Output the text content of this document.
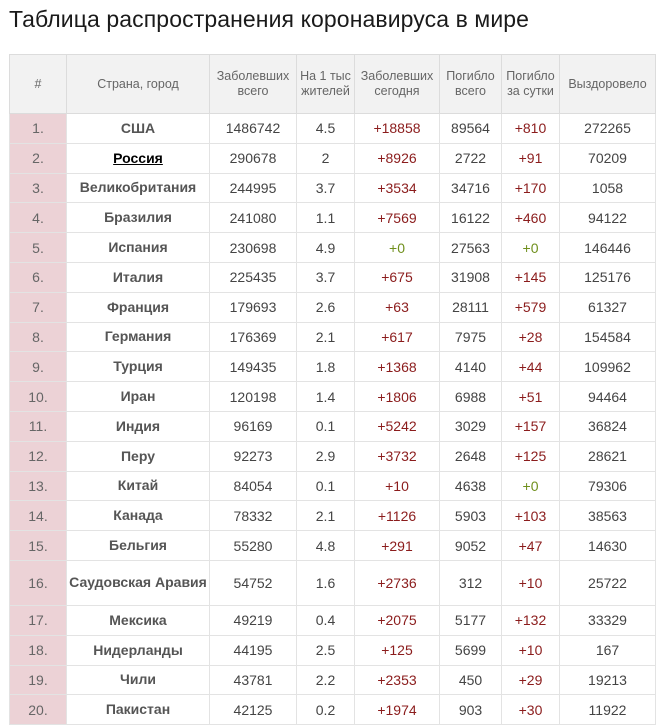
Таблица распространения коронавируса в мире
#	Страна, город	Заболевших всего	На 1 тыс жителей	Заболевших сегодня	Погибло всего	Погибло за сутки	Выздоровело
1.	США	1486742	4.5	+18858	89564	+810	272265
2.	Россия	290678	2	+8926	2722	+91	70209
3.	Великобритания	244995	3.7	+3534	34716	+170	1058
4.	Бразилия	241080	1.1	+7569	16122	+460	94122
5.	Испания	230698	4.9	+0	27563	+0	146446
6.	Италия	225435	3.7	+675	31908	+145	125176
7.	Франция	179693	2.6	+63	28111	+579	61327
8.	Германия	176369	2.1	+617	7975	+28	154584
9.	Турция	149435	1.8	+1368	4140	+44	109962
10.	Иран	120198	1.4	+1806	6988	+51	94464
11.	Индия	96169	0.1	+5242	3029	+157	36824
12.	Перу	92273	2.9	+3732	2648	+125	28621
13.	Китай	84054	0.1	+10	4638	+0	79306
14.	Канада	78332	2.1	+1126	5903	+103	38563
15.	Бельгия	55280	4.8	+291	9052	+47	14630
16.	Саудовская Аравия	54752	1.6	+2736	312	+10	25722
17.	Мексика	49219	0.4	+2075	5177	+132	33329
18.	Нидерланды	44195	2.5	+125	5699	+10	167
19.	Чили	43781	2.2	+2353	450	+29	19213
20.	Пакистан	42125	0.2	+1974	903	+30	11922
